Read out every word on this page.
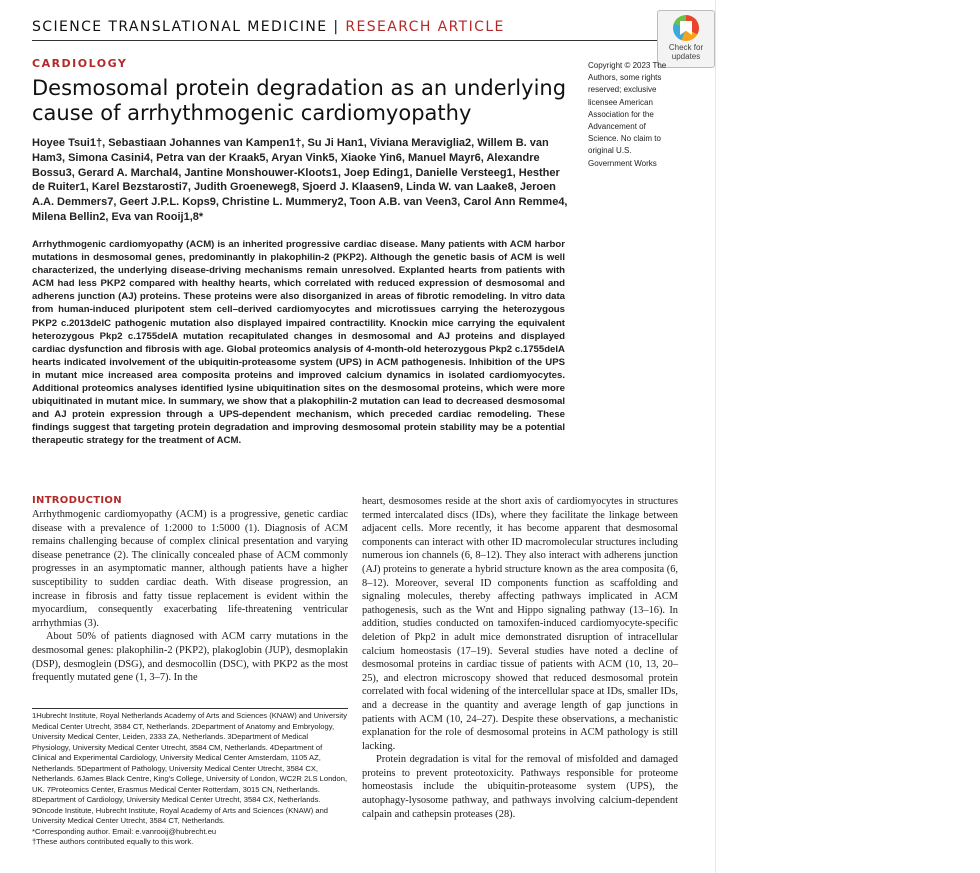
SCIENCE TRANSLATIONAL MEDICINE | RESEARCH ARTICLE
Check for
updates
CARDIOLOGY
Desmosomal protein degradation as an underlying cause of arrhythmogenic cardiomyopathy
Hoyee Tsui1†, Sebastiaan Johannes van Kampen1†, Su Ji Han1, Viviana Meraviglia2, Willem B. van Ham3, Simona Casini4, Petra van der Kraak5, Aryan Vink5, Xiaoke Yin6, Manuel Mayr6, Alexandre Bossu3, Gerard A. Marchal4, Jantine Monshouwer-Kloots1, Joep Eding1, Danielle Versteeg1, Hesther de Ruiter1, Karel Bezstarosti7, Judith Groeneweg8, Sjoerd J. Klaasen9, Linda W. van Laake8, Jeroen A.A. Demmers7, Geert J.P.L. Kops9, Christine L. Mummery2, Toon A.B. van Veen3, Carol Ann Remme4, Milena Bellin2, Eva van Rooij1,8*
Copyright © 2023 The Authors, some rights reserved; exclusive licensee American Association for the Advancement of Science. No claim to original U.S. Government Works
Arrhythmogenic cardiomyopathy (ACM) is an inherited progressive cardiac disease. Many patients with ACM harbor mutations in desmosomal genes, predominantly in plakophilin-2 (PKP2). Although the genetic basis of ACM is well characterized, the underlying disease-driving mechanisms remain unresolved. Explanted hearts from patients with ACM had less PKP2 compared with healthy hearts, which correlated with reduced expression of desmosomal and adherens junction (AJ) proteins. These proteins were also disorganized in areas of fibrotic remodeling. In vitro data from human-induced pluripotent stem cell–derived cardiomyocytes and microtissues carrying the heterozygous PKP2 c.2013delC pathogenic mutation also displayed impaired contractility. Knockin mice carrying the equivalent heterozygous Pkp2 c.1755delA mutation recapitulated changes in desmosomal and AJ proteins and displayed cardiac dysfunction and fibrosis with age. Global proteomics analysis of 4-month-old heterozygous Pkp2 c.1755delA hearts indicated involvement of the ubiquitin-proteasome system (UPS) in ACM pathogenesis. Inhibition of the UPS in mutant mice increased area composita proteins and improved calcium dynamics in isolated cardiomyocytes. Additional proteomics analyses identified lysine ubiquitination sites on the desmosomal proteins, which were more ubiquitinated in mutant mice. In summary, we show that a plakophilin-2 mutation can lead to decreased desmosomal and AJ protein expression through a UPS-dependent mechanism, which preceded cardiac remodeling. These findings suggest that targeting protein degradation and improving desmosomal protein stability may be a potential therapeutic strategy for the treatment of ACM.
INTRODUCTION

Arrhythmogenic cardiomyopathy (ACM) is a progressive, genetic cardiac disease with a prevalence of 1:2000 to 1:5000 (1). Diagnosis of ACM remains challenging because of complex clinical presentation and varying disease penetrance (2). The clinically concealed phase of ACM commonly progresses in an asymptomatic manner, although patients have a higher susceptibility to sudden cardiac death. With disease progression, an increase in fibrosis and fatty tissue replacement is evident within the myocardium, consequently exacerbating life-threatening ventricular arrhythmias (3).

About 50% of patients diagnosed with ACM carry mutations in the desmosomal genes: plakophilin-2 (PKP2), plakoglobin (JUP), desmoplakin (DSP), desmoglein (DSG), and desmocollin (DSC), with PKP2 as the most frequently mutated gene (1, 3–7). In the

heart, desmosomes reside at the short axis of cardiomyocytes in structures termed intercalated discs (IDs), where they facilitate the linkage between adjacent cells. More recently, it has become apparent that desmosomal components can interact with other ID macromolecular structures including numerous ion channels (6, 8–12). They also interact with adherens junction (AJ) proteins to generate a hybrid structure known as the area composita (6, 8–12). Moreover, several ID components function as scaffolding and signaling molecules, thereby affecting pathways implicated in ACM pathogenesis, such as the Wnt and Hippo signaling pathway (13–16). In addition, studies conducted on tamoxifen-induced cardiomyocyte-specific deletion of Pkp2 in adult mice demonstrated disruption of intracellular calcium homeostasis (17–19). Several studies have noted a decline of desmosomal proteins in cardiac tissue of patients with ACM (10, 13, 20–25), and electron microscopy showed that reduced desmosomal protein correlated with focal widening of the intercellular space at IDs, smaller IDs, and a decrease in the quantity and average length of gap junctions in patients with ACM (10, 24–27). Despite these observations, a mechanistic explanation for the role of desmosomal proteins in ACM pathology is still lacking.

Protein degradation is vital for the removal of misfolded and damaged proteins to prevent proteotoxicity. Pathways responsible for proteome homeostasis include the ubiquitin-proteasome system (UPS), the autophagy-lysosome pathway, and pathways involving calcium-dependent calpain and cathepsin proteases (28).

1Hubrecht Institute, Royal Netherlands Academy of Arts and Sciences (KNAW) and University Medical Center Utrecht, 3584 CT, Netherlands. 2Department of Anatomy and Embryology, University Medical Center, Leiden, 2333 ZA, Netherlands. 3Department of Medical Physiology, University Medical Center Utrecht, 3584 CM, Netherlands. 4Department of Clinical and Experimental Cardiology, University Medical Center Amsterdam, 1105 AZ, Netherlands. 5Department of Pathology, University Medical Center Utrecht, 3584 CX, Netherlands. 6James Black Centre, King's College, University of London, WC2R 2LS London, UK. 7Proteomics Center, Erasmus Medical Center Rotterdam, 3015 CN, Netherlands. 8Department of Cardiology, University Medical Center Utrecht, 3584 CX, Netherlands. 9Oncode Institute, Hubrecht Institute, Royal Academy of Arts and Sciences (KNAW) and University Medical Center Utrecht, 3584 CT, Netherlands.

*Corresponding author. Email: e.vanrooij@hubrecht.eu

†These authors contributed equally to this work.
